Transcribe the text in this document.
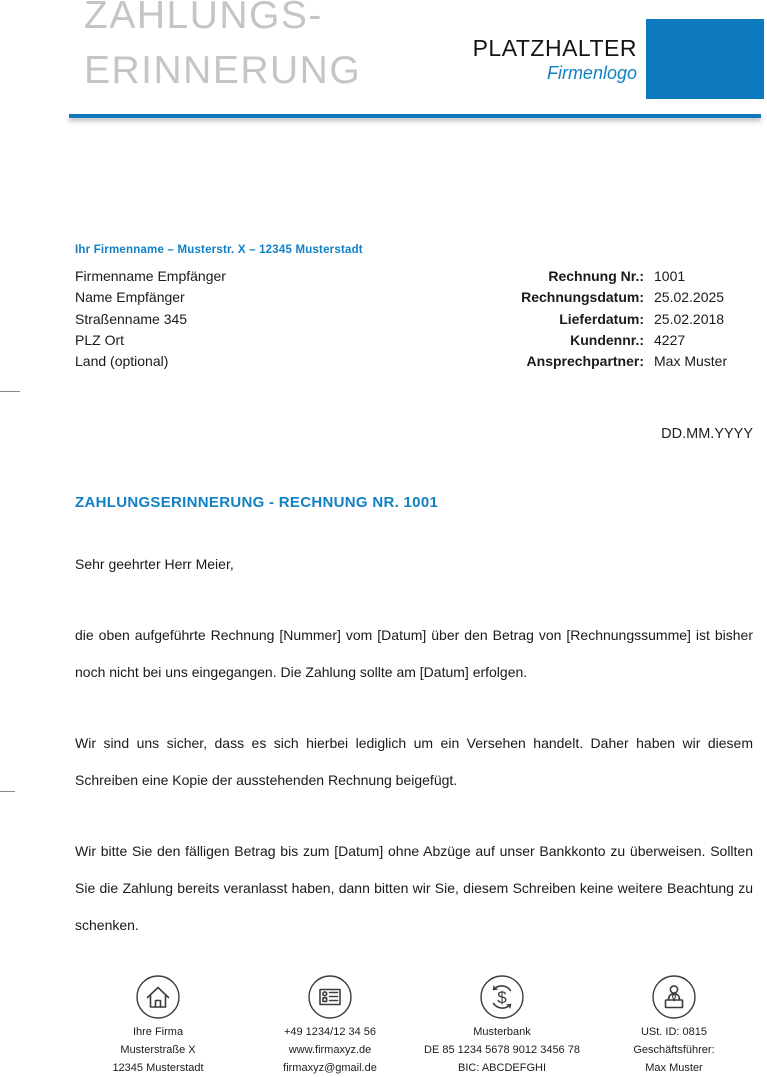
ZAHLUNGS-
ERINNERUNG
PLATZHALTER
Firmenlogo
Ihr Firmenname – Musterstr. X – 12345 Musterstadt
Firmenname Empfänger
Name Empfänger
Straßenname 345
PLZ Ort
Land (optional)
Rechnung Nr.: 1001
Rechnungsdatum: 25.02.2025
Lieferdatum: 25.02.2018
Kundennr.: 4227
Ansprechpartner: Max Muster
DD.MM.YYYY
ZAHLUNGSERINNERUNG - RECHNUNG NR. 1001

Sehr geehrter Herr Meier,

die oben aufgeführte Rechnung [Nummer] vom [Datum] über den Betrag von [Rechnungssumme] ist bisher noch nicht bei uns eingegangen. Die Zahlung sollte am [Datum] erfolgen.

Wir sind uns sicher, dass es sich hierbei lediglich um ein Versehen handelt. Daher haben wir diesem Schreiben eine Kopie der ausstehenden Rechnung beigefügt.

Wir bitte Sie den fälligen Betrag bis zum [Datum] ohne Abzüge auf unser Bankkonto zu überweisen. Sollten Sie die Zahlung bereits veranlasst haben, dann bitten wir Sie, diesem Schreiben keine weitere Beachtung zu schenken.

Ihre Firma
Musterstraße X
12345 Musterstadt
+49 1234/12 34 56
www.firmaxyz.de
firmaxyz@gmail.de
$
Musterbank
DE 85 1234 5678 9012 3456 78
BIC: ABCDEFGHI
USt. ID: 0815
Geschäftsführer:
Max Muster
